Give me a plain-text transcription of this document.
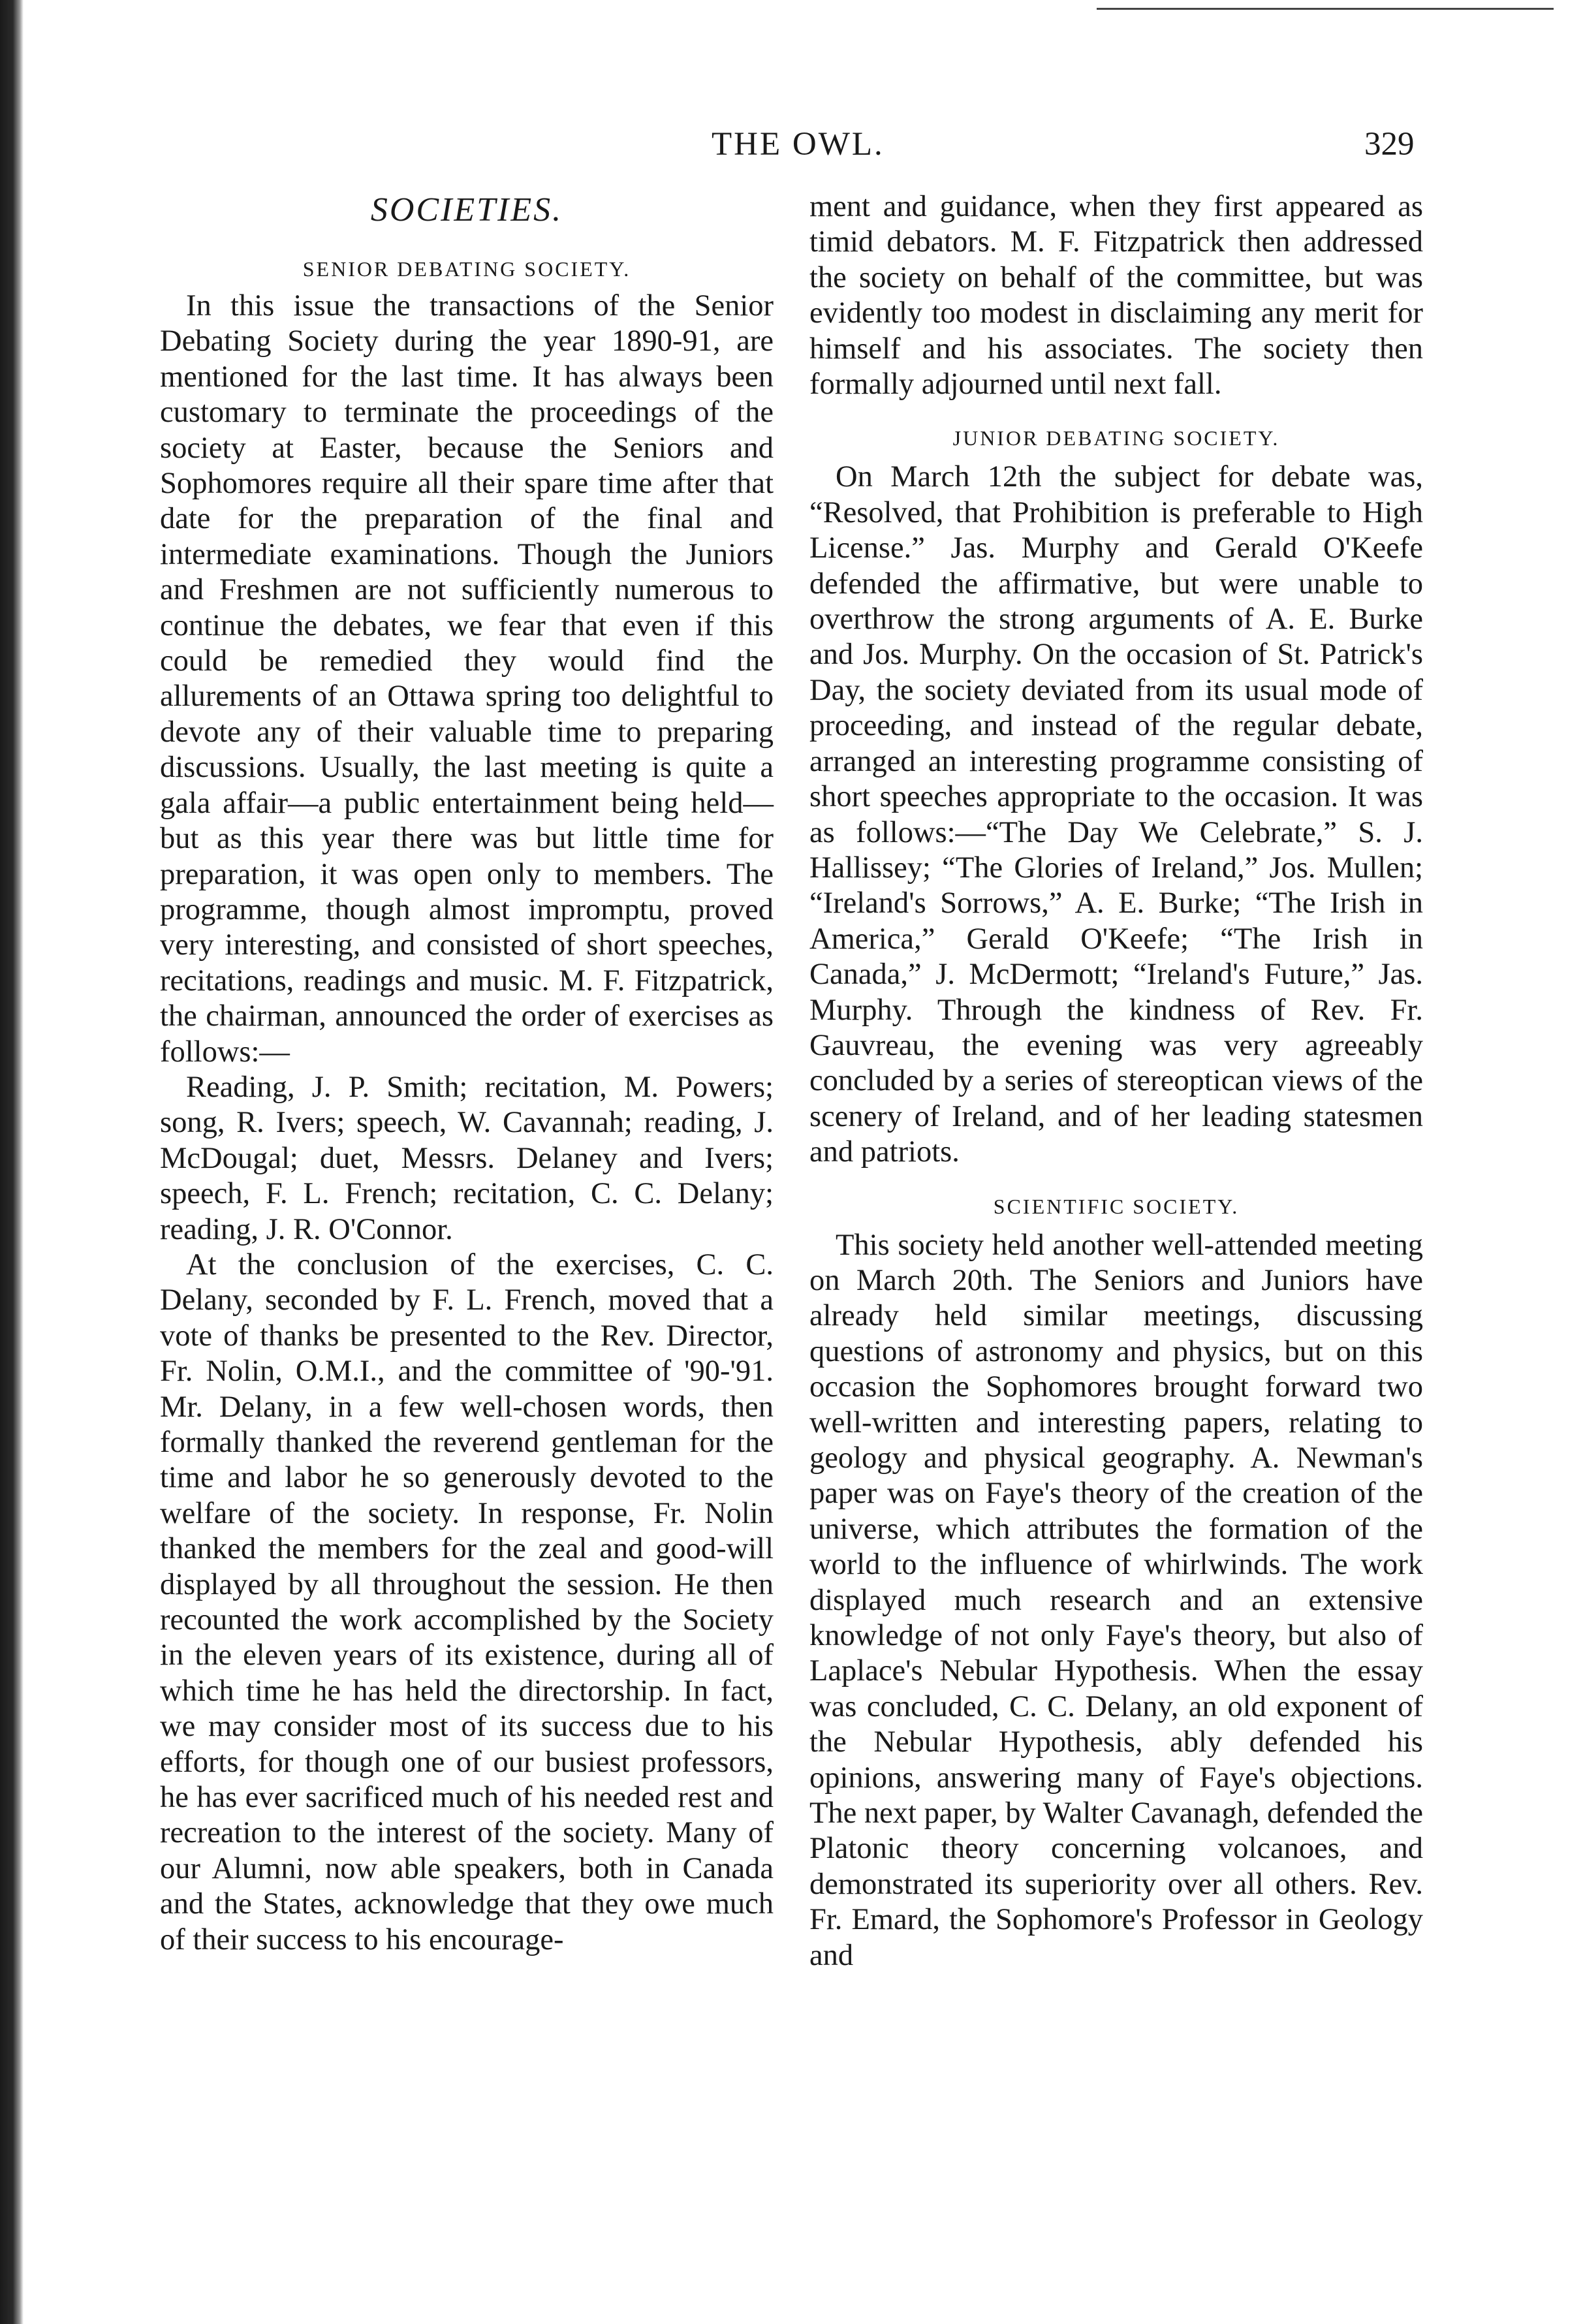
THE OWL.	329
SOCIETIES.
SENIOR DEBATING SOCIETY.

In this issue the transactions of the Senior Debating Society during the year 1890-91, are mentioned for the last time. It has always been customary to terminate the proceedings of the society at Easter, because the Seniors and Sophomores require all their spare time after that date for the preparation of the final and intermediate examinations. Though the Juniors and Freshmen are not sufficiently numerous to continue the debates, we fear that even if this could be remedied they would find the allurements of an Ottawa spring too delightful to devote any of their valuable time to preparing discussions. Usually, the last meeting is quite a gala affair—a public entertainment being held—but as this year there was but little time for preparation, it was open only to members. The programme, though almost impromptu, proved very interesting, and consisted of short speeches, recitations, readings and music. M. F. Fitzpatrick, the chairman, announced the order of exercises as follows:—

Reading, J. P. Smith; recitation, M. Powers; song, R. Ivers; speech, W. Cavannah; reading, J. McDougal; duet, Messrs. Delaney and Ivers; speech, F. L. French; recitation, C. C. Delany; reading, J. R. O'Connor.

At the conclusion of the exercises, C. C. Delany, seconded by F. L. French, moved that a vote of thanks be presented to the Rev. Director, Fr. Nolin, O.M.I., and the committee of '90-'91. Mr. Delany, in a few well-chosen words, then formally thanked the reverend gentleman for the time and labor he so generously devoted to the welfare of the society. In response, Fr. Nolin thanked the members for the zeal and good-will displayed by all throughout the session. He then recounted the work accomplished by the Society in the eleven years of its existence, during all of which time he has held the directorship. In fact, we may consider most of its success due to his efforts, for though one of our busiest professors, he has ever sacrificed much of his needed rest and recreation to the interest of the society. Many of our Alumni, now able speakers, both in Canada and the States, acknowledge that they owe much of their success to his encourage-

ment and guidance, when they first appeared as timid debators. M. F. Fitzpatrick then addressed the society on behalf of the committee, but was evidently too modest in disclaiming any merit for himself and his associates. The society then formally adjourned until next fall.

JUNIOR DEBATING SOCIETY.

On March 12th the subject for debate was, “Resolved, that Prohibition is preferable to High License.” Jas. Murphy and Gerald O'Keefe defended the affirmative, but were unable to overthrow the strong arguments of A. E. Burke and Jos. Murphy. On the occasion of St. Patrick's Day, the society deviated from its usual mode of proceeding, and instead of the regular debate, arranged an interesting programme consisting of short speeches appropriate to the occasion. It was as follows:—“The Day We Celebrate,” S. J. Hallissey; “The Glories of Ireland,” Jos. Mullen; “Ireland's Sorrows,” A. E. Burke; “The Irish in America,” Gerald O'Keefe; “The Irish in Canada,” J. McDermott; “Ireland's Future,” Jas. Murphy. Through the kindness of Rev. Fr. Gauvreau, the evening was very agreeably concluded by a series of stereoptican views of the scenery of Ireland, and of her leading statesmen and patriots.

SCIENTIFIC SOCIETY.

This society held another well-attended meeting on March 20th. The Seniors and Juniors have already held similar meetings, discussing questions of astronomy and physics, but on this occasion the Sophomores brought forward two well-written and interesting papers, relating to geology and physical geography. A. Newman's paper was on Faye's theory of the creation of the universe, which attributes the formation of the world to the influence of whirlwinds. The work displayed much research and an extensive knowledge of not only Faye's theory, but also of Laplace's Nebular Hypothesis. When the essay was concluded, C. C. Delany, an old exponent of the Nebular Hypothesis, ably defended his opinions, answering many of Faye's objections. The next paper, by Walter Cavanagh, defended the Platonic theory concerning volcanoes, and demonstrated its superiority over all others. Rev. Fr. Emard, the Sophomore's Professor in Geology and
